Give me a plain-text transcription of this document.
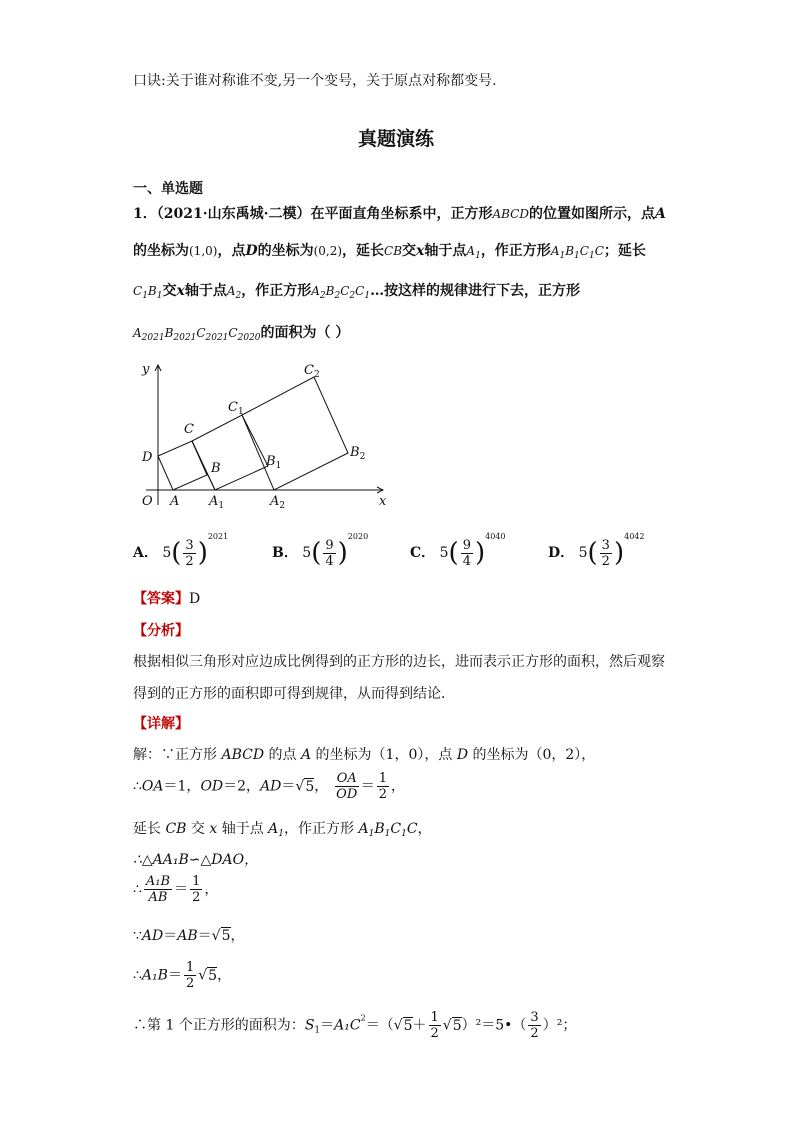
口诀:关于谁对称谁不变,另一个变号，关于原点对称都变号.
真题演练
一、单选题
1．（2021·山东禹城·二模）在平面直角坐标系中，正方形ABCD的位置如图所示，点A
的坐标为(1,0)，点D的坐标为(0,2)，延长CB交x轴于点$A_1$，作正方形$A_1B_1C_1C$；延长
$C_1B_1$交x轴于点$A_2$，作正方形$A_2B_2C_2C_1\dots$按这样的规律进行下去，正方形
$A_{2021}B_{2021}C_{2021}C_{2020}$的面积为（ ）
y
x
O
D
A
C
B
$A_1$	$A_2$
$B_1$
$B_2$
$C_1$
$C_2$
A． $5( \frac{3}{2} )^{2021}$
B． $5( \frac{9}{4} )^{2020}$
C． $5( \frac{9}{4} )^{4040}$
D． $5( \frac{3}{2} )^{4042}$
【答案】D
【分析】
根据相似三角形对应边成比例得到的正方形的边长，进而表示正方形的面积，然后观察
得到的正方形的面积即可得到规律，从而得到结论．
【详解】
解：∵正方形 ABCD 的点 A 的坐标为（1，0），点 D 的坐标为（0，2），
∴OA＝1，OD＝2，AD＝√5， $\frac{OA}{OD} = \frac{1}{2}$ ，
延长 CB 交 x 轴于点 $A_1$，作正方形 $A_1B_1C_1C$，
∴△AA₁B∽△DAO，
∴ $\frac{\text{A₁B}}{AB} = \frac{1}{2}$ ，
∵AD＝AB＝√5，
∴A₁B＝ $\frac{1}{2} √5$，
∴第 1 个正方形的面积为：$S_1=A_1C^2=(√5+ \frac{1}{2}$ √5）²＝5•（ $\frac{3}{2} )^2$；
